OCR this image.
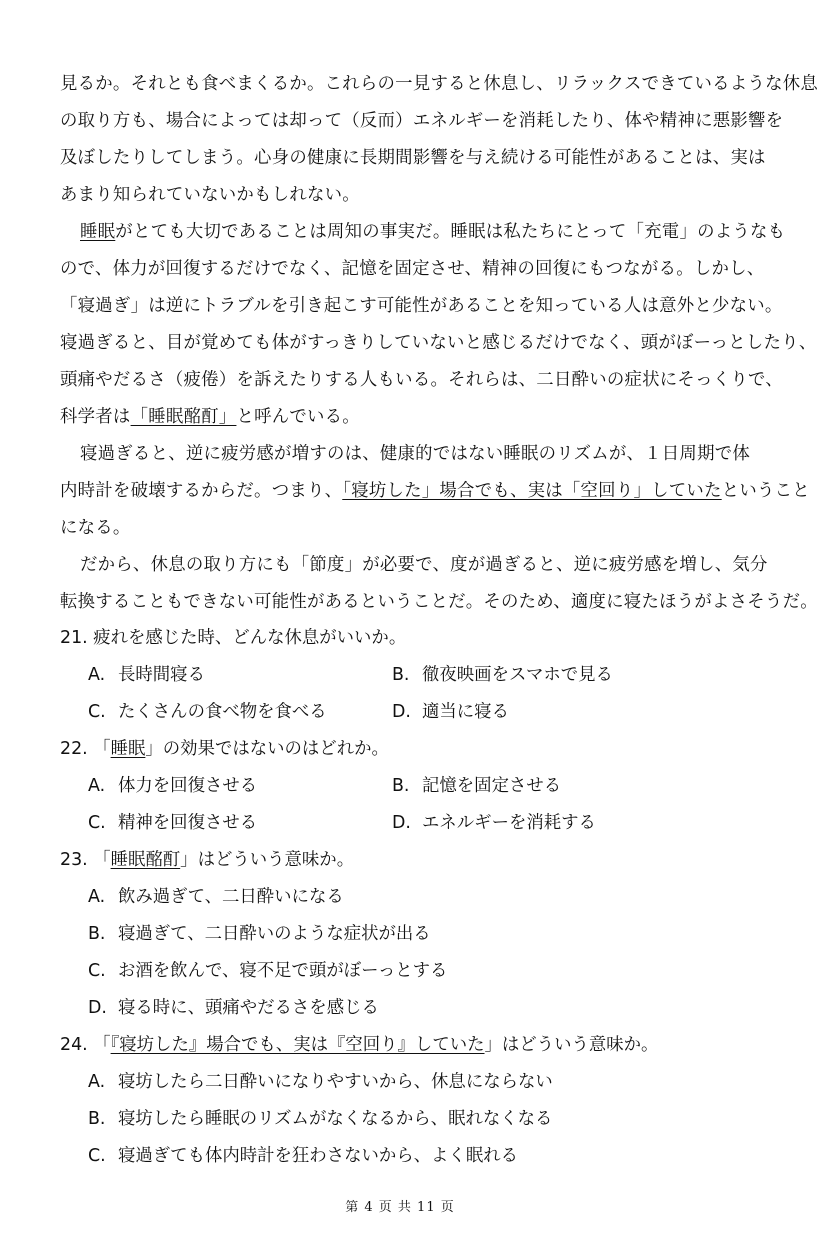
見るか。それとも食べまくるか。これらの一見すると休息し、リラックスできているような休息
の取り方も、場合によっては却って（反而）エネルギーを消耗したり、体や精神に悪影響を
及ぼしたりしてしまう。心身の健康に長期間影響を与え続ける可能性があることは、実は
あまり知られていないかもしれない。
睡眠がとても大切であることは周知の事実だ。睡眠は私たちにとって「充電」のようなも
ので、体力が回復するだけでなく、記憶を固定させ、精神の回復にもつながる。しかし、
「寝過ぎ」は逆にトラブルを引き起こす可能性があることを知っている人は意外と少ない。
寝過ぎると、目が覚めても体がすっきりしていないと感じるだけでなく、頭がぼーっとしたり、
頭痛やだるさ（疲倦）を訴えたりする人もいる。それらは、二日酔いの症状にそっくりで、
科学者は「睡眠酩酊」と呼んでいる。
寝過ぎると、逆に疲労感が増すのは、健康的ではない睡眠のリズムが、１日周期で体
内時計を破壊するからだ。つまり、「寝坊した」場合でも、実は「空回り」していたということ
になる。
だから、休息の取り方にも「節度」が必要で、度が過ぎると、逆に疲労感を増し、気分
転換することもできない可能性があるということだ。そのため、適度に寝たほうがよさそうだ。
21. 疲れを感じた時、どんな休息がいいか。
A. 長時間寝る	B. 徹夜映画をスマホで見る
C. たくさんの食べ物を食べる	D. 適当に寝る
22. 「睡眠」の効果ではないのはどれか。
A. 体力を回復させる	B. 記憶を固定させる
C. 精神を回復させる	D. エネルギーを消耗する
23. 「睡眠酩酊」はどういう意味か。
A. 飲み過ぎて、二日酔いになる
B. 寝過ぎて、二日酔いのような症状が出る
C. お酒を飲んで、寝不足で頭がぼーっとする
D. 寝る時に、頭痛やだるさを感じる
24. 「『寝坊した』場合でも、実は『空回り』していた」はどういう意味か。
A. 寝坊したら二日酔いになりやすいから、休息にならない
B. 寝坊したら睡眠のリズムがなくなるから、眠れなくなる
C. 寝過ぎても体内時計を狂わさないから、よく眠れる
第 4 页 共 11 页
